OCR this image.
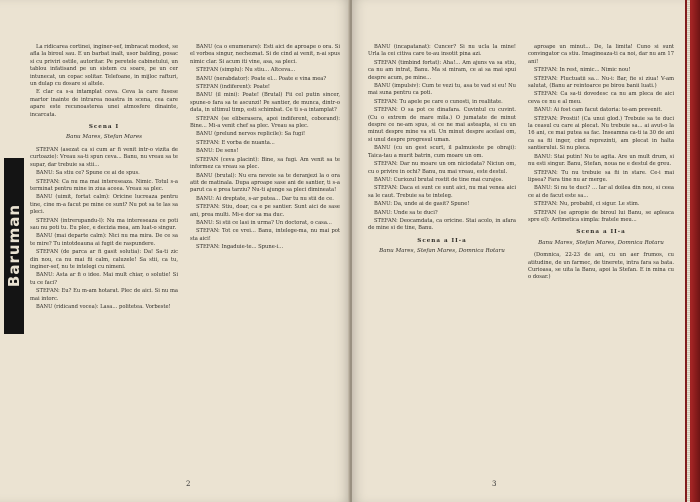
Baruman

La ridicarea cortinei, inginer-sef, imbracat modest, se afla la biroul sau. E un barbat inalt, usor balding, posac si cu priviri ostile, autoritar. Pe peretele cabinetului, un tablou infatisand pe un sistem cu soare, pe un cer intunecat, un copac solitar. Telefoane, in mijloc rafturi, un dulap cu dosare si altele.

E clar ca s-a intamplat ceva. Ceva la care fusese martor inainte de intrarea noastra in scena, cea care apare este recunoasterea unei atmosfere dinainte, incarcata.

Scena I

Banu Mares, Stefan Mares

STEFAN (asezat ca si cum ar fi venit intr-o vizita de curtoazie): Vreau sa-ti spun ceva... Banu, nu vreau sa te supar, dar trebuie sa stii...

BANU: Sa stiu ce? Spune ce ai de spus.

STEFAN: Ca nu ma mai intereseaza. Nimic. Totul s-a terminat pentru mine in ziua aceea. Vreau sa plec.

BANU (uimit, fortat calm): Oricine lucreaza pentru tine, cine m-a facut pe mine ce sunt? Nu pot sa te las sa pleci.

STEFAN (intrerupandu-l): Nu ma intereseaza ce poti sau nu poti tu. Eu plec, e decizia mea, am luat-o singur.

BANU (mai departe calm): Nici nu ma mira. De ce sa te mire? Tu intotdeauna ai fugit de raspundere.

STEFAN (de parca ar fi gasit solutia): Da! Sa-ti zic din nou, ca nu mai fii calm, caluzele! Sa stii, ca tu, inginer-sef, nu te intelegi cu nimeni.

BANU: Asta ar fi o idee. Mai mult chiar, o solutie! Si tu ce faci?

STEFAN: Eu? Eu m-am hotarat. Plec de aici. Si nu ma mai intorc.

BANU (ridicand vocea): Lasa... politetea. Vorbeste!

BANU (ca o enumerare): Esti aici de aproape o ora. Si el vorbea singur, necheznat. Si de cind ai venit, n-ai spus nimic clar. Si acum iti vine, asa, sa pleci.

STEFAN (simplu): Nu stiu... Altceva...

BANU (nerabdator): Poate el... Poate e vina mea?

STEFAN (indiferent): Poate!

BANU (il mini): Poate! (Brutal) Fii cel putin sincer, spune-o fara sa te ascunzi! Pe santier, de munca, dintr-o data, in ultimul timp, esti schimbat. Ce ti s-a intamplat?

STEFAN (se eliberasera, apoi indiferent, coborand): Bine... Mi-a venit chef sa plec. Vreau sa plec.

BANU (prelund nervos replicile): Sa fugi!

STEFAN: E vorba de nuanta...

BANU: De sens!

STEFAN (ceva placint): Bine, sa fugi. Am venit sa te informez ca vreau sa plec.

BANU (brutal): Nu era nevoie sa te deranjezi la o ora atit de matinala. Dupa aproape sase ani de santier, ti s-a parut ca e prea tarziu? Nu-ti ajunge sa pleci dimineata!

BANU: Ai dreptate, s-ar putea... Dar tu nu stii de ce.

STEFAN: Stiu, doar, ca e pe santier. Sunt aici de sase ani, prea multi. Mi-e dor sa ma duc.

BANU: Si stii ce lasi in urma? Un doctorat, o casa...

STEFAN: Tot ce vrei... Banu, intelege-ma, nu mai pot sta aici!

STEFAN: Ingaduie-te... Spune-i...

2

BANU (incapatanat): Cuncer? Si nu ucla la mine! Urla la cei citiva care te-au insotit pina azi.

STEFAN (timbind fortat): Aha!... Am ajuns va sa stiu, ca nu am intrat, Banu. Ma si miram, ce ai sa mai spui despre acum, pe mine...

BANU (impulsiv): Cum te vezi tu, asa te vad si eu! Nu mai suna pentru ca poti.

STEFAN: Tu apele pe care o cunosti, in realitate.

STEFAN: O sa pot ce dinafara. Cuvintul cu cuvint. (Cu o extrem de mare mila.) O jumatate de minut despre ce ne-am spus, si ce ne mai asteapta, si cu un minut despre mine va sti. Un minut despre acelasi om, si unul despre progresul uman.

BANU (cu un gest scurt, il palmuieste pe obraji): Taica-tau a murit batrin, cum moare un om.

STEFAN: Dar nu moare un om niciodata? Niciun om, cu o privire in ochi? Banu, nu mai vreau, este destul.

BANU: Curiozul brutal rostit de tine mai curajos.

STEFAN: Daca ei sunt ce sunt aici, nu mai venea aici sa le caut. Trebuie sa te inteleg.

BANU: Da, unde ai de gasit? Spune!

BANU: Unde sa te duci?

STEFAN: Deocamdata, ca oricine. Stai acolo, in afara de mine si de tine, Banu.

Scena a II-a

Banu Mares, Stefan Mares, Domnica Rotaru

aproape un minut... De, la limita! Cuno si sunt convingator ca stiu. Imagineaza-ti ca noi, dar nu am 17 ani!

STEFAN: In rest, nimic... Nimic nou!

STEFAN: Fluctuatii sa... Nu-i: Bar, fie si ziua! V-am salutat, (Banu ar reintoarce pe birou banii luati.)

STEFAN: Ca sa-ti dovedesc ca nu am pleca de aici ceva ce nu e al meu.

BANU: Ai fost cam facut datoria: te-am prevenit.

STEFAN: Prostii! (Ca unui glod.) Trebuie sa te duci la ceasul cu care ai plecat. Nu trebuie sa... ai avut-o la 16 ani, ce mai putea sa fac. Inseamna ca-ti ia 30 de ani ca sa fii inger, cind reprezinti, am plecat in halta santierului. Si nu pleca.

BANU: Stai putin! Nu te agita. Are un mult drum, si nu esti singur. Banu, Stefan, noua ne e destul de greu.

STEFAN: Tu nu trebuie sa fii in stare. Ce-i mai lipsea? Fara tine nu ar merge.

BANU: Si nu te duci? ... Iar al doilea din nou, si ceea ce ai de facut este sa...

STEFAN: Nu, probabil, ci sigur. Le stim.

STEFAN (se apropie de biroul lui Banu, se apleaca spre el): Aritmetica simpla: fratele meu...

Scena a II-a

Banu Mares, Stefan Mares, Domnica Rotaru

(Domnica, 22-23 de ani, cu un aer frumos, cu atitudine, de un farmec, de tinerete, intra fara sa bata. Curioasa, se uita la Banu, apoi la Stefan. E in mina cu o dosar.)

3
